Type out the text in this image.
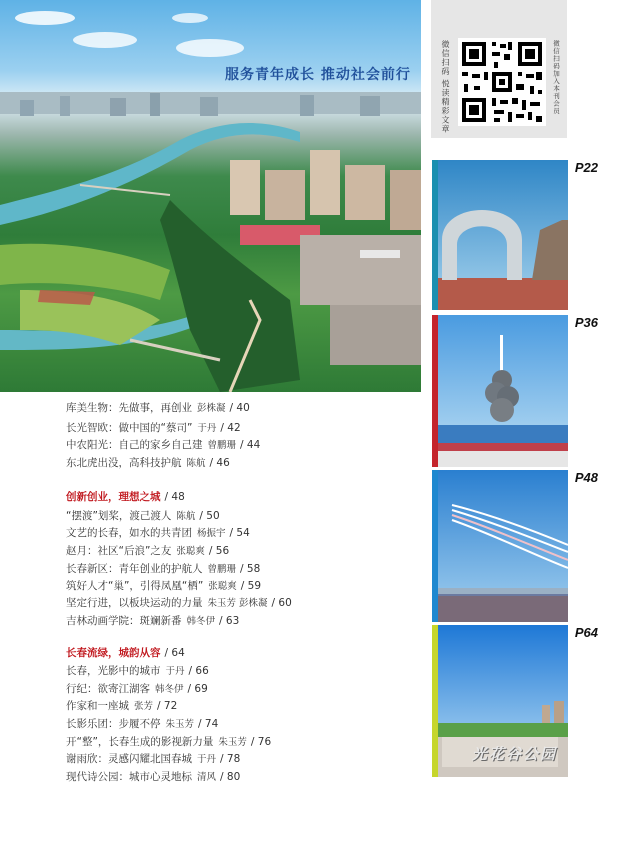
服务青年成长 推动社会前行	微信扫码 悦读精彩文章	微信扫码加入本刊会员
P22
P36
P48
P64
光花谷公园
库美生物：先做事，再创业 彭株凝 / 40
长光智欧：做中国的“蔡司” 于丹 / 42
中农阳光：自己的家乡自己建 曾鹏珊 / 44
东北虎出没，高科技护航 陈航 / 46
创新创业，理想之城 / 48
“摆渡”划桨，渡己渡人 陈航 / 50
文艺的长春，如水的共青团 杨振宇 / 54
赵月：社区“后浪”之友 张聪爽 / 56
长春新区：青年创业的护航人 曾鹏珊 / 58
筑好人才“巢”，引得凤凰“栖” 张聪爽 / 59
坚定行进，以板块运动的力量 朱玉芳 彭株凝 / 60
吉林动画学院：斑斓新番 韩冬伊 / 63
长春流绿，城韵从容 / 64
长春，光影中的城市 于丹 / 66
行纪：欲寄江湖客 韩冬伊 / 69
作家和一座城 张芳 / 72
长影乐团：步履不停 朱玉芳 / 74
开“整”，长春生成的影视新力量 朱玉芳 / 76
谢雨欣：灵感闪耀北国春城 于丹 / 78
现代诗公园：城市心灵地标 清风 / 80
